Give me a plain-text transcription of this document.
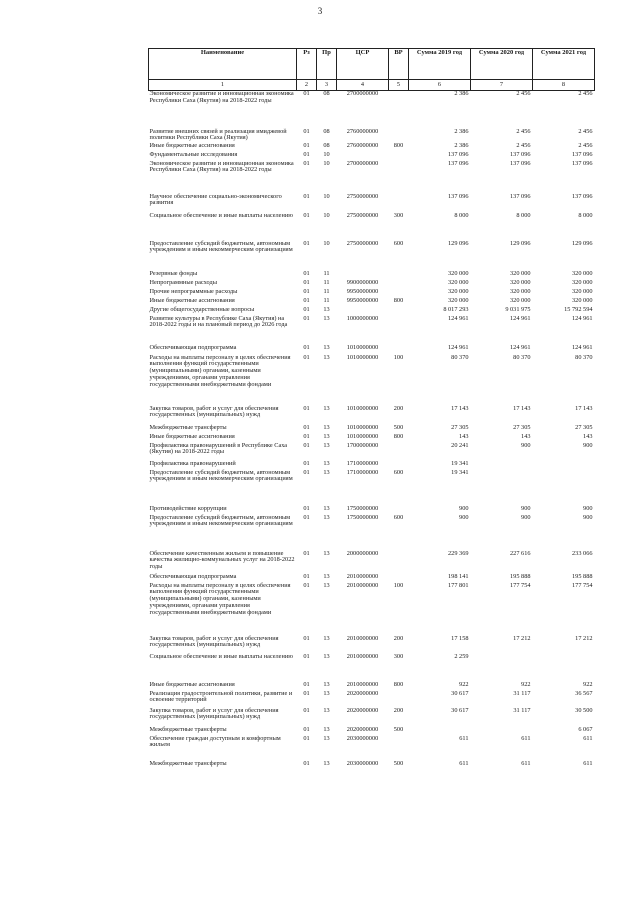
3
Наименование	Рз	Пр	ЦСР	ВР	Сумма 2019 год	Сумма 2020 год	Сумма 2021 год
1	2	3	4	5	6	7	8
Экономическое развитие и инновационная экономика Республики Саха (Якутия) на 2018-2022 годы	01	08	2700000000		2 386	2 456	2 456
Развитие внешних связей и реализация имиджевой политики Республики Саха (Якутия)	01	08	2760000000		2 386	2 456	2 456
Иные бюджетные ассигнования	01	08	2760000000	800	2 386	2 456	2 456
Фундаментальные исследования	01	10			137 096	137 096	137 096
Экономическое развитие и инновационная экономика Республики Саха (Якутия) на 2018-2022 годы	01	10	2700000000		137 096	137 096	137 096
Научное обеспечение социально-экономического развития	01	10	2750000000		137 096	137 096	137 096
Социальное обеспечение и иные выплаты населению	01	10	2750000000	300	8 000	8 000	8 000
Предоставление субсидий бюджетным, автономным учреждениям и иным некоммерческим организациям	01	10	2750000000	600	129 096	129 096	129 096
Резервные фонды	01	11			320 000	320 000	320 000
Непрограммные расходы	01	11	9900000000		320 000	320 000	320 000
Прочие непрограммные расходы	01	11	9950000000		320 000	320 000	320 000
Иные бюджетные ассигнования	01	11	9950000000	800	320 000	320 000	320 000
Другие общегосударственные вопросы	01	13			8 017 293	9 031 975	15 792 594
Развитие культуры в Республике Саха (Якутия) на 2018-2022 годы и на плановый период до 2026 года	01	13	1000000000		124 961	124 961	124 961
Обеспечивающая подпрограмма	01	13	1010000000		124 961	124 961	124 961
Расходы на выплаты персоналу в целях обеспечения выполнения функций государственными (муниципальными) органами, казенными учреждениями, органами управления государственными внебюджетными фондами	01	13	1010000000	100	80 370	80 370	80 370
Закупка товаров, работ и услуг для обеспечения государственных (муниципальных) нужд	01	13	1010000000	200	17 143	17 143	17 143
Межбюджетные трансферты	01	13	1010000000	500	27 305	27 305	27 305
Иные бюджетные ассигнования	01	13	1010000000	800	143	143	143
Профилактика правонарушений в Республике Саха (Якутия) на 2018-2022 годы	01	13	1700000000		20 241	900	900
Профилактика правонарушений	01	13	1710000000		19 341		
Предоставление субсидий бюджетным, автономным учреждениям и иным некоммерческим организациям	01	13	1710000000	600	19 341		
Противодействие коррупции	01	13	1750000000		900	900	900
Предоставление субсидий бюджетным, автономным учреждениям и иным некоммерческим организациям	01	13	1750000000	600	900	900	900
Обеспечение качественным жильем и повышение качества жилищно-коммунальных услуг на 2018-2022 годы	01	13	2000000000		229 369	227 616	233 066
Обеспечивающая подпрограмма	01	13	2010000000		198 141	195 888	195 888
Расходы на выплаты персоналу в целях обеспечения выполнения функций государственными (муниципальными) органами, казенными учреждениями, органами управления государственными внебюджетными фондами	01	13	2010000000	100	177 801	177 754	177 754
Закупка товаров, работ и услуг для обеспечения государственных (муниципальных) нужд	01	13	2010000000	200	17 158	17 212	17 212
Социальное обеспечение и иные выплаты населению	01	13	2010000000	300	2 259		
Иные бюджетные ассигнования	01	13	2010000000	800	922	922	922
Реализация градостроительной политики, развитие и освоение территорий	01	13	2020000000		30 617	31 117	36 567
Закупка товаров, работ и услуг для обеспечения государственных (муниципальных) нужд	01	13	2020000000	200	30 617	31 117	30 500
Межбюджетные трансферты	01	13	2020000000	500			6 067
Обеспечение граждан доступным и комфортным жильем	01	13	2030000000		611	611	611
Межбюджетные трансферты	01	13	2030000000	500	611	611	611
